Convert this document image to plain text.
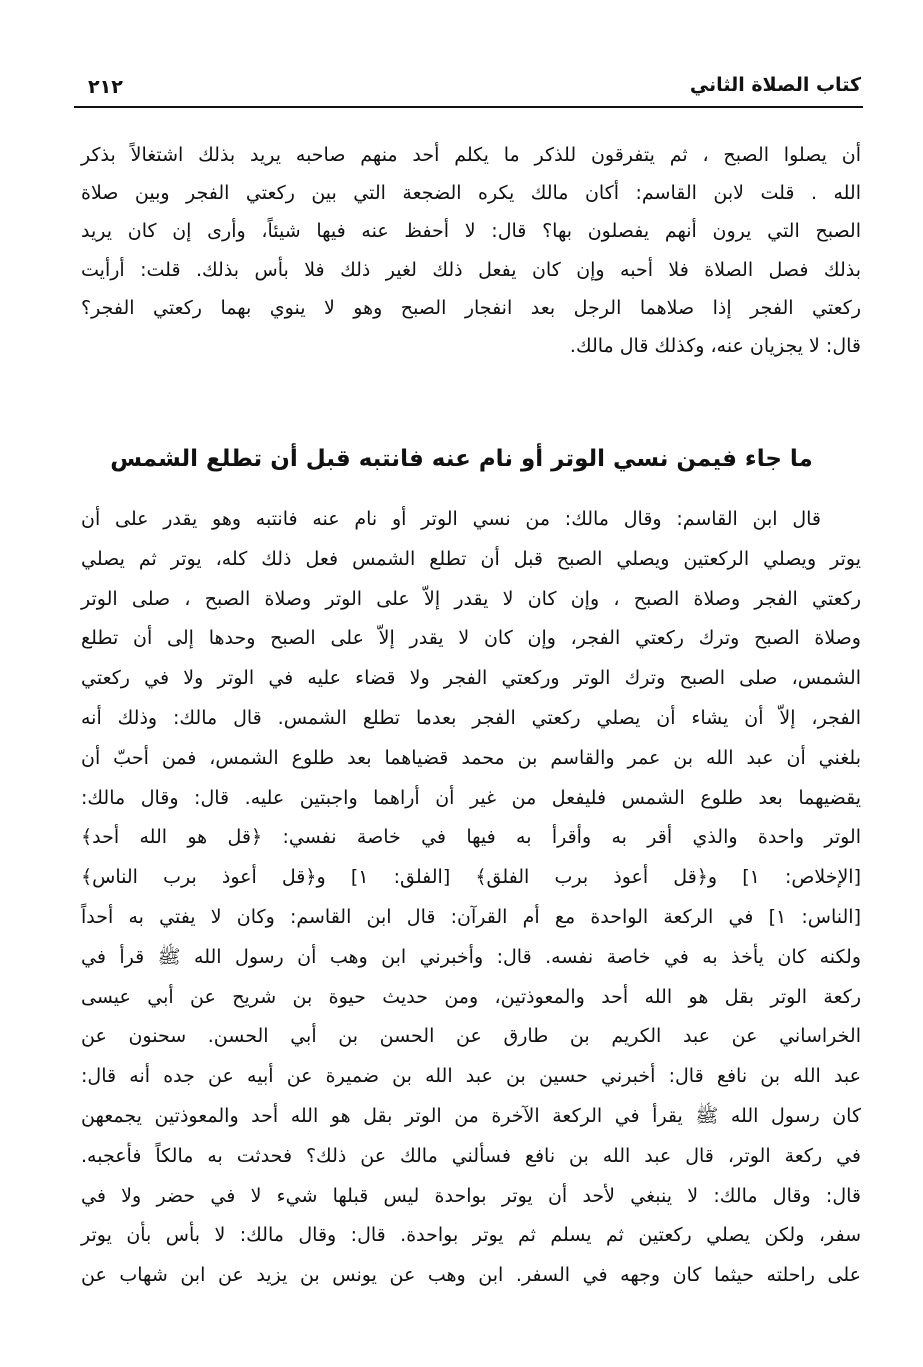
كتاب الصلاة الثاني
٢١٢
أن يصلوا الصبح ، ثم يتفرقون للذكر ما يكلم أحد منهم صاحبه يريد بذلك اشتغالاً بذكر
الله . قلت لابن القاسم: أكان مالك يكره الضجعة التي بين ركعتي الفجر وبين صلاة
الصبح التي يرون أنهم يفصلون بها؟ قال: لا أحفظ عنه فيها شيئاً، وأرى إن كان يريد
بذلك فصل الصلاة فلا أحبه وإن كان يفعل ذلك لغير ذلك فلا بأس بذلك. قلت: أرأيت
ركعتي الفجر إذا صلاهما الرجل بعد انفجار الصبح وهو لا ينوي بهما ركعتي الفجر؟
قال: لا يجزيان عنه، وكذلك قال مالك.
ما جاء فيمن نسي الوتر أو نام عنه فانتبه قبل أن تطلع الشمس
قال ابن القاسم: وقال مالك: من نسي الوتر أو نام عنه فانتبه وهو يقدر على أن
يوتر ويصلي الركعتين ويصلي الصبح قبل أن تطلع الشمس فعل ذلك كله، يوتر ثم يصلي
ركعتي الفجر وصلاة الصبح ، وإن كان لا يقدر إلاّ على الوتر وصلاة الصبح ، صلى الوتر
وصلاة الصبح وترك ركعتي الفجر، وإن كان لا يقدر إلاّ على الصبح وحدها إلى أن تطلع
الشمس، صلى الصبح وترك الوتر وركعتي الفجر ولا قضاء عليه في الوتر ولا في ركعتي
الفجر، إلاّ أن يشاء أن يصلي ركعتي الفجر بعدما تطلع الشمس. قال مالك: وذلك أنه
بلغني أن عبد الله بن عمر والقاسم بن محمد قضياهما بعد طلوع الشمس، فمن أحبّ أن
يقضيهما بعد طلوع الشمس فليفعل من غير أن أراهما واجبتين عليه. قال: وقال مالك:
الوتر واحدة والذي أقر به وأقرأ به فيها في خاصة نفسي: ﴿قل هو الله أحد﴾
[الإخلاص: ١] و﴿قل أعوذ برب الفلق﴾ [الفلق: ١] و﴿قل أعوذ برب الناس﴾
[الناس: ١] في الركعة الواحدة مع أم القرآن: قال ابن القاسم: وكان لا يفتي به أحداً
ولكنه كان يأخذ به في خاصة نفسه. قال: وأخبرني ابن وهب أن رسول الله ﷺ قرأ في
ركعة الوتر بقل هو الله أحد والمعوذتين، ومن حديث حيوة بن شريح عن أبي عيسى
الخراساني عن عبد الكريم بن طارق عن الحسن بن أبي الحسن. سحنون عن
عبد الله بن نافع قال: أخبرني حسين بن عبد الله بن ضميرة عن أبيه عن جده أنه قال:
كان رسول الله ﷺ يقرأ في الركعة الآخرة من الوتر بقل هو الله أحد والمعوذتين يجمعهن
في ركعة الوتر، قال عبد الله بن نافع فسألني مالك عن ذلك؟ فحدثت به مالكاً فأعجبه.
قال: وقال مالك: لا ينبغي لأحد أن يوتر بواحدة ليس قبلها شيء لا في حضر ولا في
سفر، ولكن يصلي ركعتين ثم يسلم ثم يوتر بواحدة. قال: وقال مالك: لا بأس بأن يوتر
على راحلته حيثما كان وجهه في السفر. ابن وهب عن يونس بن يزيد عن ابن شهاب عن
